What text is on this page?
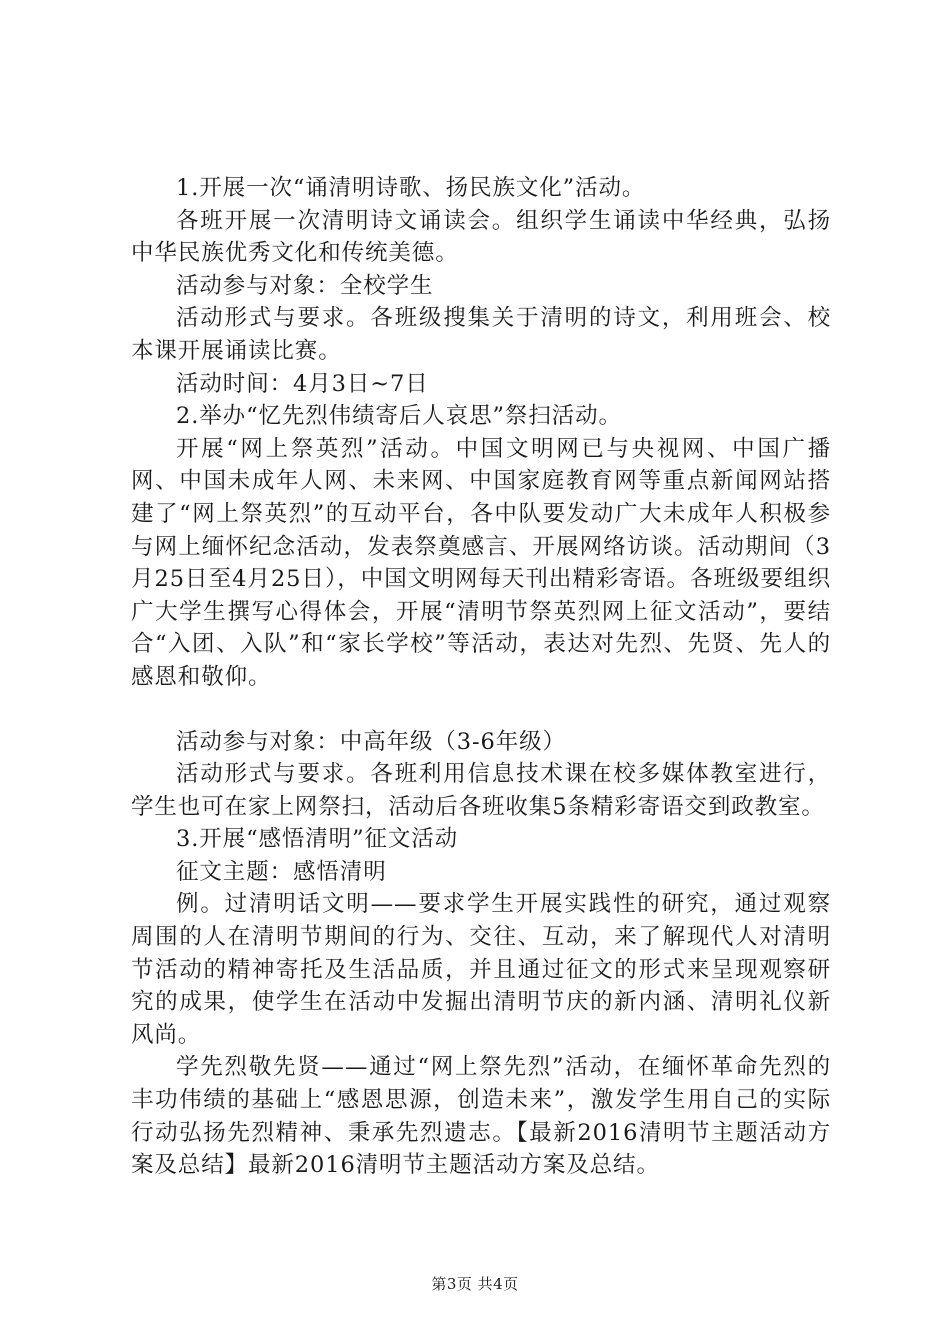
1.开展一次“诵清明诗歌、扬民族文化”活动。

各班开展一次清明诗文诵读会。组织学生诵读中华经典，弘扬中华民族优秀文化和传统美德。

活动参与对象：全校学生

活动形式与要求。各班级搜集关于清明的诗文，利用班会、校本课开展诵读比赛。

活动时间：4月3日~7日

2.举办“忆先烈伟绩寄后人哀思”祭扫活动。

开展“网上祭英烈”活动。中国文明网已与央视网、中国广播网、中国未成年人网、未来网、中国家庭教育网等重点新闻网站搭建了“网上祭英烈”的互动平台，各中队要发动广大未成年人积极参与网上缅怀纪念活动，发表祭奠感言、开展网络访谈。活动期间（3月25日至4月25日），中国文明网每天刊出精彩寄语。各班级要组织广大学生撰写心得体会，开展“清明节祭英烈网上征文活动”，要结合“入团、入队”和“家长学校”等活动，表达对先烈、先贤、先人的感恩和敬仰。

活动参与对象：中高年级（3-6年级）

活动形式与要求。各班利用信息技术课在校多媒体教室进行，学生也可在家上网祭扫，活动后各班收集5条精彩寄语交到政教室。

3.开展“感悟清明”征文活动

征文主题：感悟清明

例。过清明话文明——要求学生开展实践性的研究，通过观察周围的人在清明节期间的行为、交往、互动，来了解现代人对清明节活动的精神寄托及生活品质，并且通过征文的形式来呈现观察研究的成果，使学生在活动中发掘出清明节庆的新内涵、清明礼仪新风尚。

学先烈敬先贤——通过“网上祭先烈”活动，在缅怀革命先烈的丰功伟绩的基础上“感恩思源，创造未来”，激发学生用自己的实际行动弘扬先烈精神、秉承先烈遗志。【最新2016清明节主题活动方案及总结】最新2016清明节主题活动方案及总结。

第3页 共4页
